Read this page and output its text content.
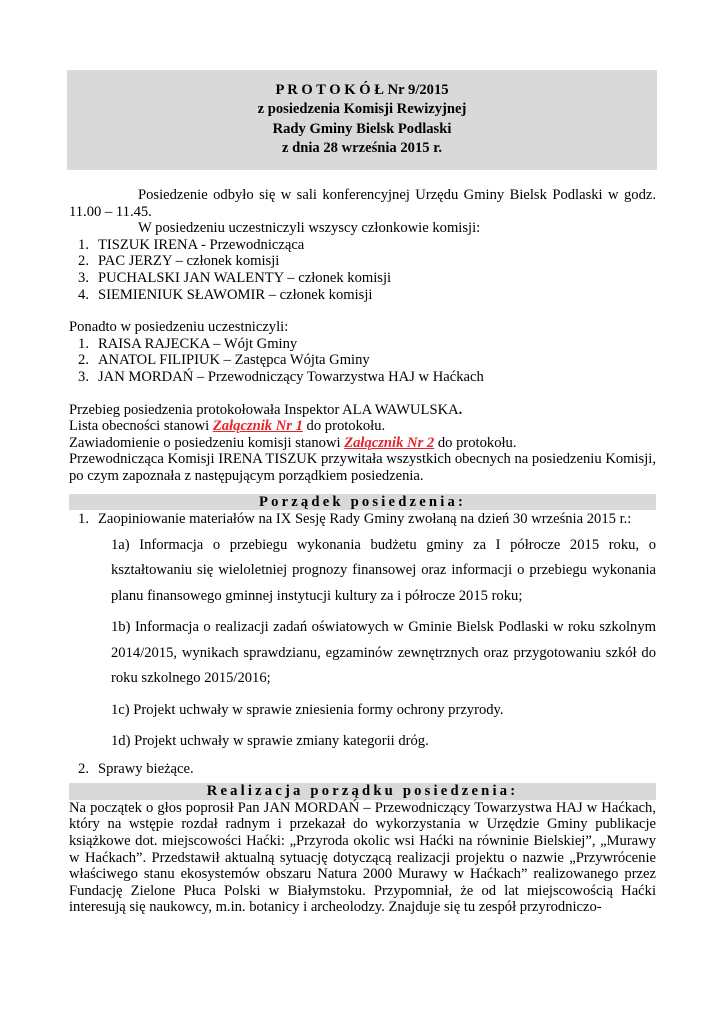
P R O T O K Ó Ł Nr 9/2015
z posiedzenia Komisji Rewizyjnej
Rady Gminy Bielsk Podlaski
z dnia 28 września 2015 r.
Posiedzenie odbyło się w sali konferencyjnej Urzędu Gminy Bielsk Podlaski w godz. 11.00 – 11.45.
W posiedzeniu uczestniczyli wszyscy członkowie komisji:
1. TISZUK IRENA - Przewodnicząca
2. PAC JERZY – członek komisji
3. PUCHALSKI JAN WALENTY – członek komisji
4. SIEMIENIUK SŁAWOMIR – członek komisji
Ponadto w posiedzeniu uczestniczyli:
1. RAISA RAJECKA – Wójt Gminy
2. ANATOL FILIPIUK – Zastępca Wójta Gminy
3. JAN MORDAŃ – Przewodniczący Towarzystwa HAJ w Haćkach
Przebieg posiedzenia protokołowała Inspektor ALA WAWULSKA.
Lista obecności stanowi Załącznik Nr 1 do protokołu.
Zawiadomienie o posiedzeniu komisji stanowi Załącznik Nr 2 do protokołu.
Przewodnicząca Komisji IRENA TISZUK przywitała wszystkich obecnych na posiedzeniu Komisji, po czym zapoznała z następującym porządkiem posiedzenia.
Porządek posiedzenia:
1. Zaopiniowanie materiałów na IX Sesję Rady Gminy zwołaną na dzień 30 września 2015 r.:

1a) Informacja o przebiegu wykonania budżetu gminy za I półrocze 2015 roku, o kształtowaniu się wieloletniej prognozy finansowej oraz informacji o przebiegu wykonania planu finansowego gminnej instytucji kultury za i półrocze 2015 roku;

1b) Informacja o realizacji zadań oświatowych w Gminie Bielsk Podlaski w roku szkolnym 2014/2015, wynikach sprawdzianu, egzaminów zewnętrznych oraz przygotowaniu szkół do roku szkolnego 2015/2016;

1c) Projekt uchwały w sprawie zniesienia formy ochrony przyrody.

1d) Projekt uchwały w sprawie zmiany kategorii dróg.

2. Sprawy bieżące.
Realizacja porządku posiedzenia:
Na początek o głos poprosił Pan JAN MORDAŃ – Przewodniczący Towarzystwa HAJ w Haćkach, który na wstępie rozdał radnym i przekazał do wykorzystania w Urzędzie Gminy publikacje książkowe dot. miejscowości Haćki: „Przyroda okolic wsi Haćki na równinie Bielskiej”, „Murawy w Haćkach”. Przedstawił aktualną sytuację dotyczącą realizacji projektu o nazwie „Przywrócenie właściwego stanu ekosystemów obszaru Natura 2000 Murawy w Haćkach” realizowanego przez Fundację Zielone Płuca Polski w Białymstoku. Przypomniał, że od lat miejscowością Haćki interesują się naukowcy, m.in. botanicy i archeolodzy. Znajduje się tu zespół przyrodniczo-
